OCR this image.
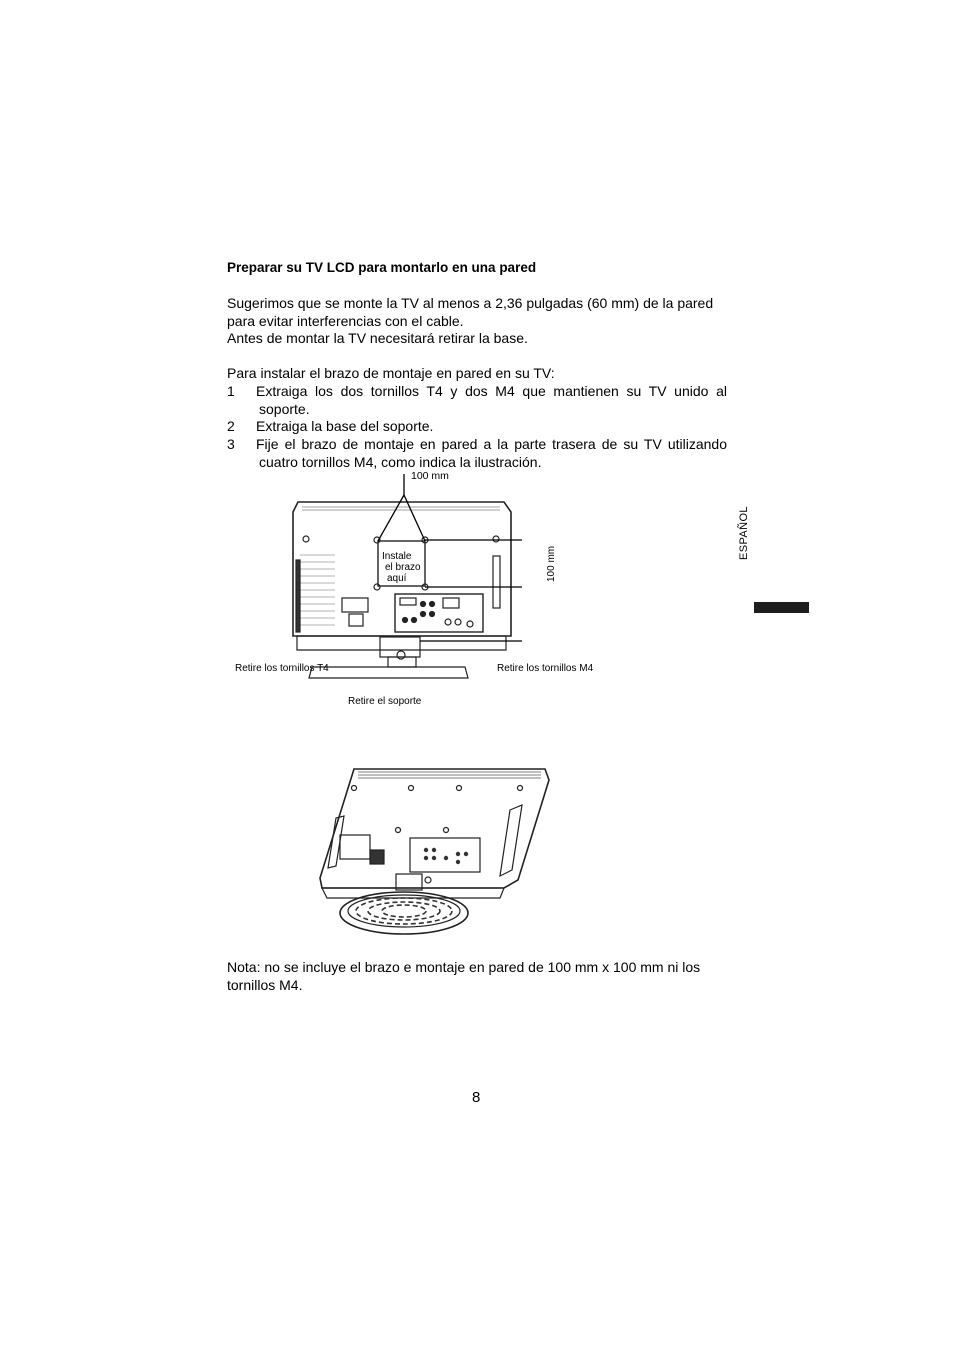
Preparar su TV LCD para montarlo en una pared
Sugerimos que se monte la TV al menos a 2,36 pulgadas (60 mm) de la pared para evitar interferencias con el cable.
Antes de montar la TV necesitará retirar la base.
Para instalar el brazo de montaje en pared en su TV:
1 Extraiga los dos tornillos T4 y dos M4 que mantienen su TV unido al
soporte.
2 Extraiga la base del soporte.
3 Fije el brazo de montaje en pared a la parte trasera de su TV utilizando
cuatro tornillos M4, como indica la ilustración.
100 mm
100 mm
Instale
el brazo
aquí
Retire los tornillos T4	Retire los tornillos M4
Retire el soporte
Nota: no se incluye el brazo e montaje en pared de 100 mm x 100 mm ni los tornillos M4.
8
ESPAÑOL
